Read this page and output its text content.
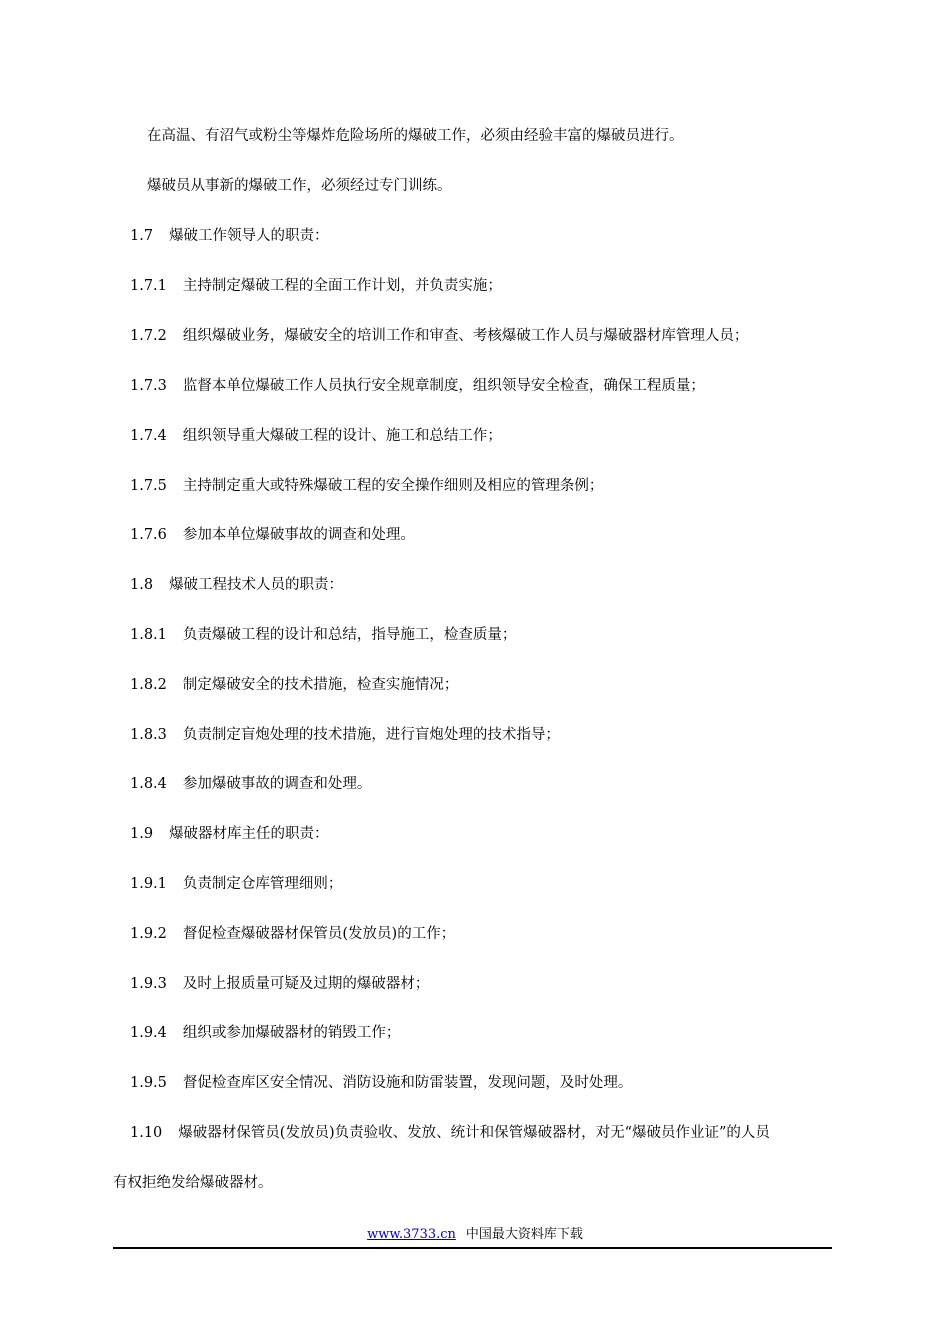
在高温、有沼气或粉尘等爆炸危险场所的爆破工作，必须由经验丰富的爆破员进行。
爆破员从事新的爆破工作，必须经过专门训练。
1.7 爆破工作领导人的职责：
1.7.1 主持制定爆破工程的全面工作计划，并负责实施；
1.7.2 组织爆破业务，爆破安全的培训工作和审查、考核爆破工作人员与爆破器材库管理人员；
1.7.3 监督本单位爆破工作人员执行安全规章制度，组织领导安全检查，确保工程质量；
1.7.4 组织领导重大爆破工程的设计、施工和总结工作；
1.7.5 主持制定重大或特殊爆破工程的安全操作细则及相应的管理条例；
1.7.6 参加本单位爆破事故的调查和处理。
1.8 爆破工程技术人员的职责：
1.8.1 负责爆破工程的设计和总结，指导施工，检查质量；
1.8.2 制定爆破安全的技术措施，检查实施情况；
1.8.3 负责制定盲炮处理的技术措施，进行盲炮处理的技术指导；
1.8.4 参加爆破事故的调查和处理。
1.9 爆破器材库主任的职责：
1.9.1 负责制定仓库管理细则；
1.9.2 督促检查爆破器材保管员(发放员)的工作；
1.9.3 及时上报质量可疑及过期的爆破器材；
1.9.4 组织或参加爆破器材的销毁工作；
1.9.5 督促检查库区安全情况、消防设施和防雷装置，发现问题，及时处理。
1.10 爆破器材保管员(发放员)负责验收、发放、统计和保管爆破器材，对无“爆破员作业证”的人员
有权拒绝发给爆破器材。
www.3733.cn 中国最大资料库下载
